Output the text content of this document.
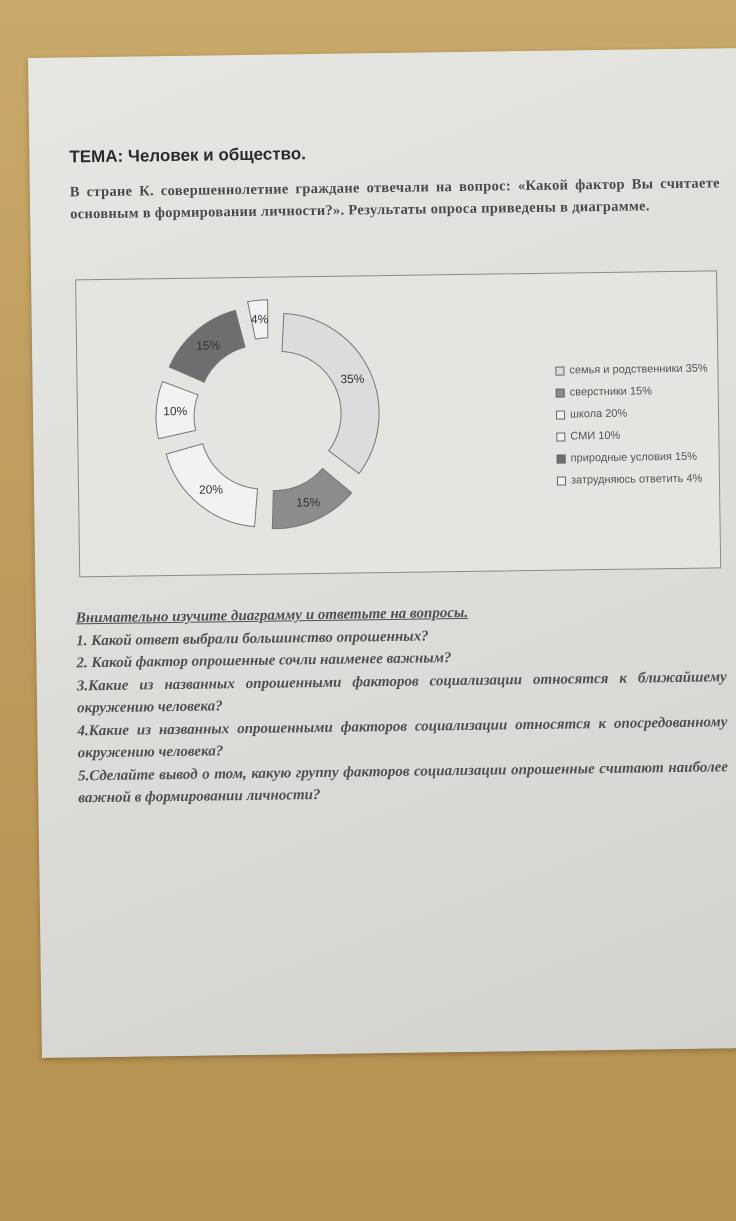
ТЕМА: Человек и общество.
В стране К. совершеннолетние граждане отвечали на вопрос: «Какой фактор Вы считаете основным в формировании личности?». Результаты опроса приведены в диаграмме.
35%
15%
20%
10%
15%
4%
семья и родственники 35%
сверстники 15%
школа 20%
СМИ 10%
природные условия 15%
затрудняюсь ответить 4%
Внимательно изучите диаграмму и ответьте на вопросы.
1. Какой ответ выбрали большинство опрошенных?
2. Какой фактор опрошенные сочли наименее важным?
3.Какие из названных опрошенными факторов социализации относятся к ближайшему окружению человека?
4.Какие из названных опрошенными факторов социализации относятся к опосредованному окружению человека?
5.Сделайте вывод о том, какую группу факторов социализации опрошенные считают наиболее важной в формировании личности?
